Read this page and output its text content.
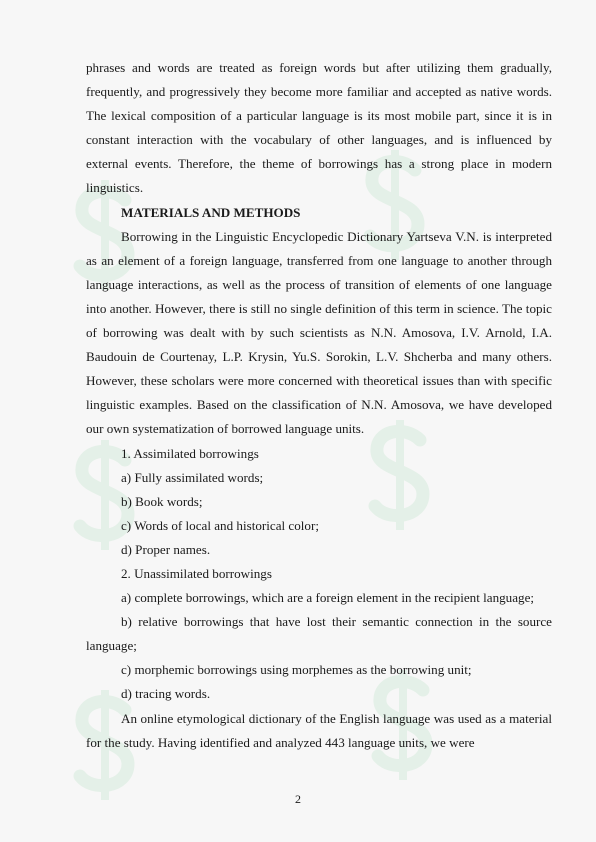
phrases and words are treated as foreign words but after utilizing them gradually, frequently, and progressively they become more familiar and accepted as native words. The lexical composition of a particular language is its most mobile part, since it is in constant interaction with the vocabulary of other languages, and is influenced by external events. Therefore, the theme of borrowings has a strong place in modern linguistics.

MATERIALS AND METHODS

Borrowing in the Linguistic Encyclopedic Dictionary Yartseva V.N. is interpreted as an element of a foreign language, transferred from one language to another through language interactions, as well as the process of transition of elements of one language into another. However, there is still no single definition of this term in science. The topic of borrowing was dealt with by such scientists as N.N. Amosova, I.V. Arnold, I.A. Baudouin de Courtenay, L.P. Krysin, Yu.S. Sorokin, L.V. Shcherba and many others. However, these scholars were more concerned with theoretical issues than with specific linguistic examples. Based on the classification of N.N. Amosova, we have developed our own systematization of borrowed language units.

1. Assimilated borrowings

a) Fully assimilated words;

b) Book words;

c) Words of local and historical color;

d) Proper names.

2. Unassimilated borrowings

a) complete borrowings, which are a foreign element in the recipient language;

b) relative borrowings that have lost their semantic connection in the source language;

c) morphemic borrowings using morphemes as the borrowing unit;

d) tracing words.

An online etymological dictionary of the English language was used as a material for the study. Having identified and analyzed 443 language units, we were

2
